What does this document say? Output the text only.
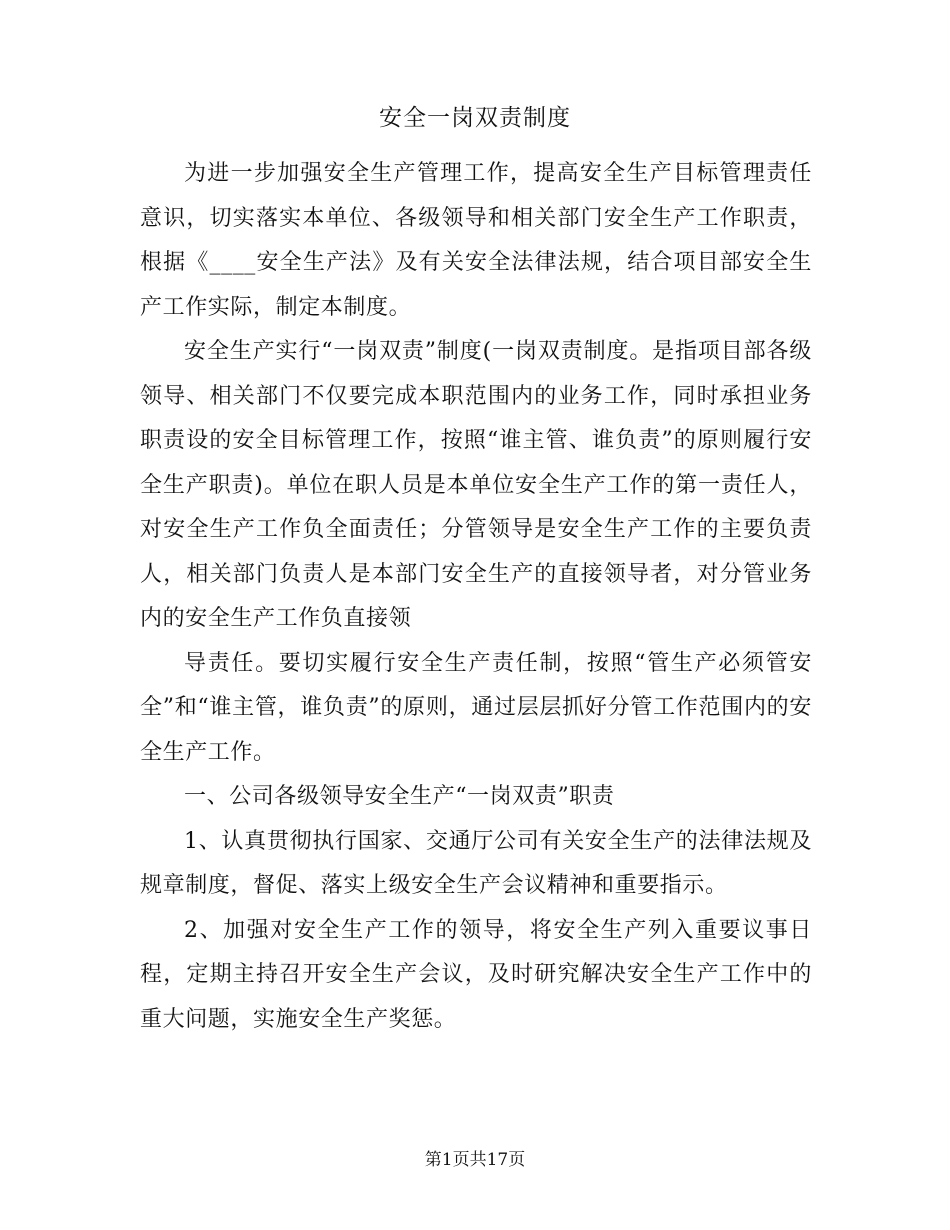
安全一岗双责制度

为进一步加强安全生产管理工作，提高安全生产目标管理责任意识，切实落实本单位、各级领导和相关部门安全生产工作职责，根据《____安全生产法》及有关安全法律法规，结合项目部安全生产工作实际，制定本制度。

安全生产实行“一岗双责”制度(一岗双责制度。是指项目部各级领导、相关部门不仅要完成本职范围内的业务工作，同时承担业务职责设的安全目标管理工作，按照“谁主管、谁负责”的原则履行安全生产职责)。单位在职人员是本单位安全生产工作的第一责任人，对安全生产工作负全面责任；分管领导是安全生产工作的主要负责人，相关部门负责人是本部门安全生产的直接领导者，对分管业务内的安全生产工作负直接领

导责任。要切实履行安全生产责任制，按照“管生产必须管安全”和“谁主管，谁负责”的原则，通过层层抓好分管工作范围内的安全生产工作。

一、公司各级领导安全生产“一岗双责”职责

1、认真贯彻执行国家、交通厅公司有关安全生产的法律法规及规章制度，督促、落实上级安全生产会议精神和重要指示。

2、加强对安全生产工作的领导，将安全生产列入重要议事日程，定期主持召开安全生产会议，及时研究解决安全生产工作中的重大问题，实施安全生产奖惩。

第1页共17页
